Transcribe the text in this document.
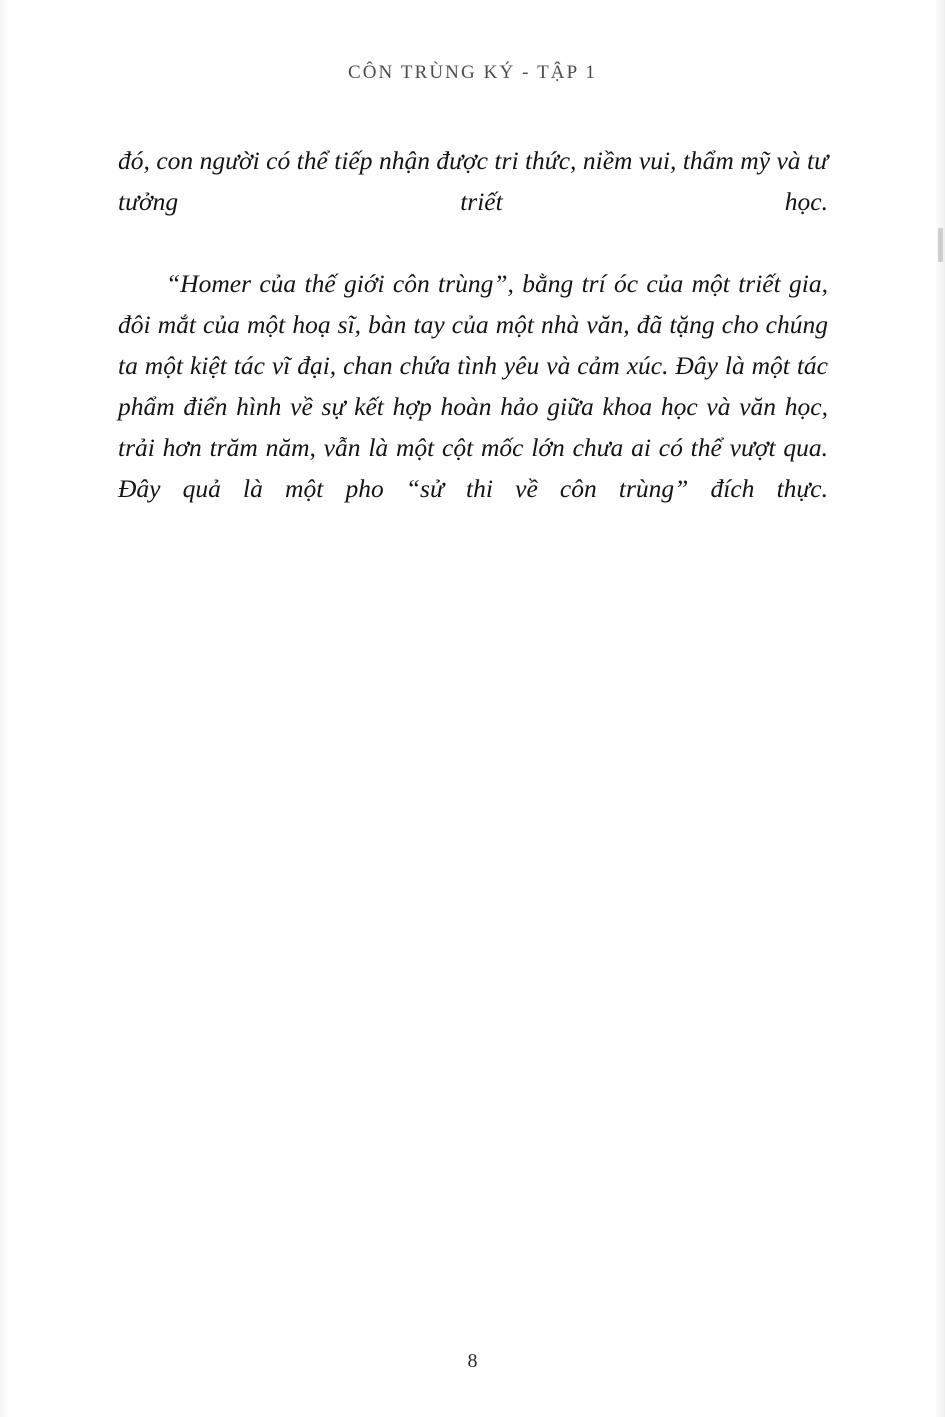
CÔN TRÙNG KÝ - TẬP 1

đó, con người có thể tiếp nhận được tri thức, niềm vui, thẩm mỹ và tư tưởng triết học.

“Homer của thế giới côn trùng”, bằng trí óc của một triết gia, đôi mắt của một hoạ sĩ, bàn tay của một nhà văn, đã tặng cho chúng ta một kiệt tác vĩ đại, chan chứa tình yêu và cảm xúc. Đây là một tác phẩm điển hình về sự kết hợp hoàn hảo giữa khoa học và văn học, trải hơn trăm năm, vẫn là một cột mốc lớn chưa ai có thể vượt qua. Đây quả là một pho “sử thi về côn trùng” đích thực.

8
